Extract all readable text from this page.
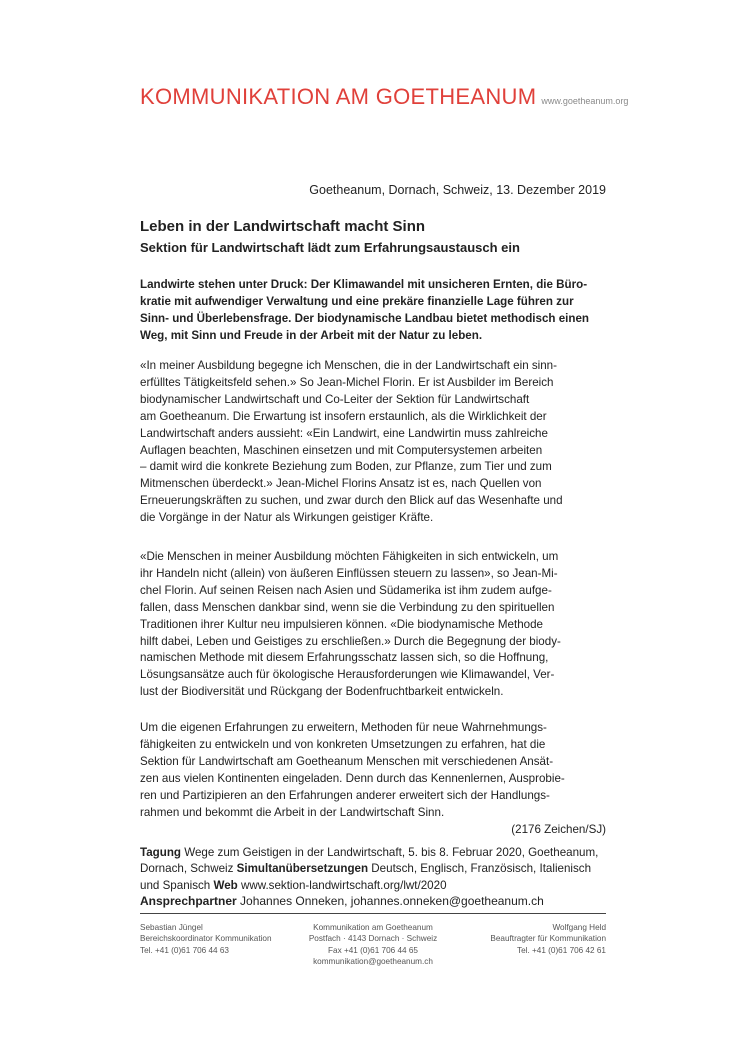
KOMMUNIKATION AM GOETHEANUM www.goetheanum.org
Goetheanum, Dornach, Schweiz, 13. Dezember 2019
Leben in der Landwirtschaft macht Sinn
Sektion für Landwirtschaft lädt zum Erfahrungsaustausch ein
Landwirte stehen unter Druck: Der Klimawandel mit unsicheren Ernten, die Büro-
kratie mit aufwendiger Verwaltung und eine prekäre finanzielle Lage führen zur
Sinn- und Überlebensfrage. Der biodynamische Landbau bietet methodisch einen
Weg, mit Sinn und Freude in der Arbeit mit der Natur zu leben.
«In meiner Ausbildung begegne ich Menschen, die in der Landwirtschaft ein sinn-
erfülltes Tätigkeitsfeld sehen.» So Jean-Michel Florin. Er ist Ausbilder im Bereich
biodynamischer Landwirtschaft und Co-Leiter der Sektion für Landwirtschaft
am Goetheanum. Die Erwartung ist insofern erstaunlich, als die Wirklichkeit der
Landwirtschaft anders aussieht: «Ein Landwirt, eine Landwirtin muss zahlreiche
Auflagen beachten, Maschinen einsetzen und mit Computersystemen arbeiten
– damit wird die konkrete Beziehung zum Boden, zur Pflanze, zum Tier und zum
Mitmenschen überdeckt.» Jean-Michel Florins Ansatz ist es, nach Quellen von
Erneuerungskräften zu suchen, und zwar durch den Blick auf das Wesenhafte und
die Vorgänge in der Natur als Wirkungen geistiger Kräfte.
«Die Menschen in meiner Ausbildung möchten Fähigkeiten in sich entwickeln, um
ihr Handeln nicht (allein) von äußeren Einflüssen steuern zu lassen», so Jean-Mi-
chel Florin. Auf seinen Reisen nach Asien und Südamerika ist ihm zudem aufge-
fallen, dass Menschen dankbar sind, wenn sie die Verbindung zu den spirituellen
Traditionen ihrer Kultur neu impulsieren können. «Die biodynamische Methode
hilft dabei, Leben und Geistiges zu erschließen.» Durch die Begegnung der biody-
namischen Methode mit diesem Erfahrungsschatz lassen sich, so die Hoffnung,
Lösungsansätze auch für ökologische Herausforderungen wie Klimawandel, Ver-
lust der Biodiversität und Rückgang der Bodenfruchtbarkeit entwickeln.
Um die eigenen Erfahrungen zu erweitern, Methoden für neue Wahrnehmungs-
fähigkeiten zu entwickeln und von konkreten Umsetzungen zu erfahren, hat die
Sektion für Landwirtschaft am Goetheanum Menschen mit verschiedenen Ansät-
zen aus vielen Kontinenten eingeladen. Denn durch das Kennenlernen, Ausprobie-
ren und Partizipieren an den Erfahrungen anderer erweitert sich der Handlungs-
rahmen und bekommt die Arbeit in der Landwirtschaft Sinn.
(2176 Zeichen/SJ)
Tagung Wege zum Geistigen in der Landwirtschaft, 5. bis 8. Februar 2020, Goetheanum, Dornach, Schweiz Simultanübersetzungen Deutsch, Englisch, Französisch, Italienisch und Spanisch Web www.sektion-landwirtschaft.org/lwt/2020
Ansprechpartner Johannes Onneken, johannes.onneken@goetheanum.ch
Sebastian Jüngel
Bereichskoordinator Kommunikation
Tel. +41 (0)61 706 44 63
Kommunikation am Goetheanum
Postfach · 4143 Dornach · Schweiz
Fax +41 (0)61 706 44 65
kommunikation@goetheanum.ch
Wolfgang Held
Beauftragter für Kommunikation
Tel. +41 (0)61 706 42 61
